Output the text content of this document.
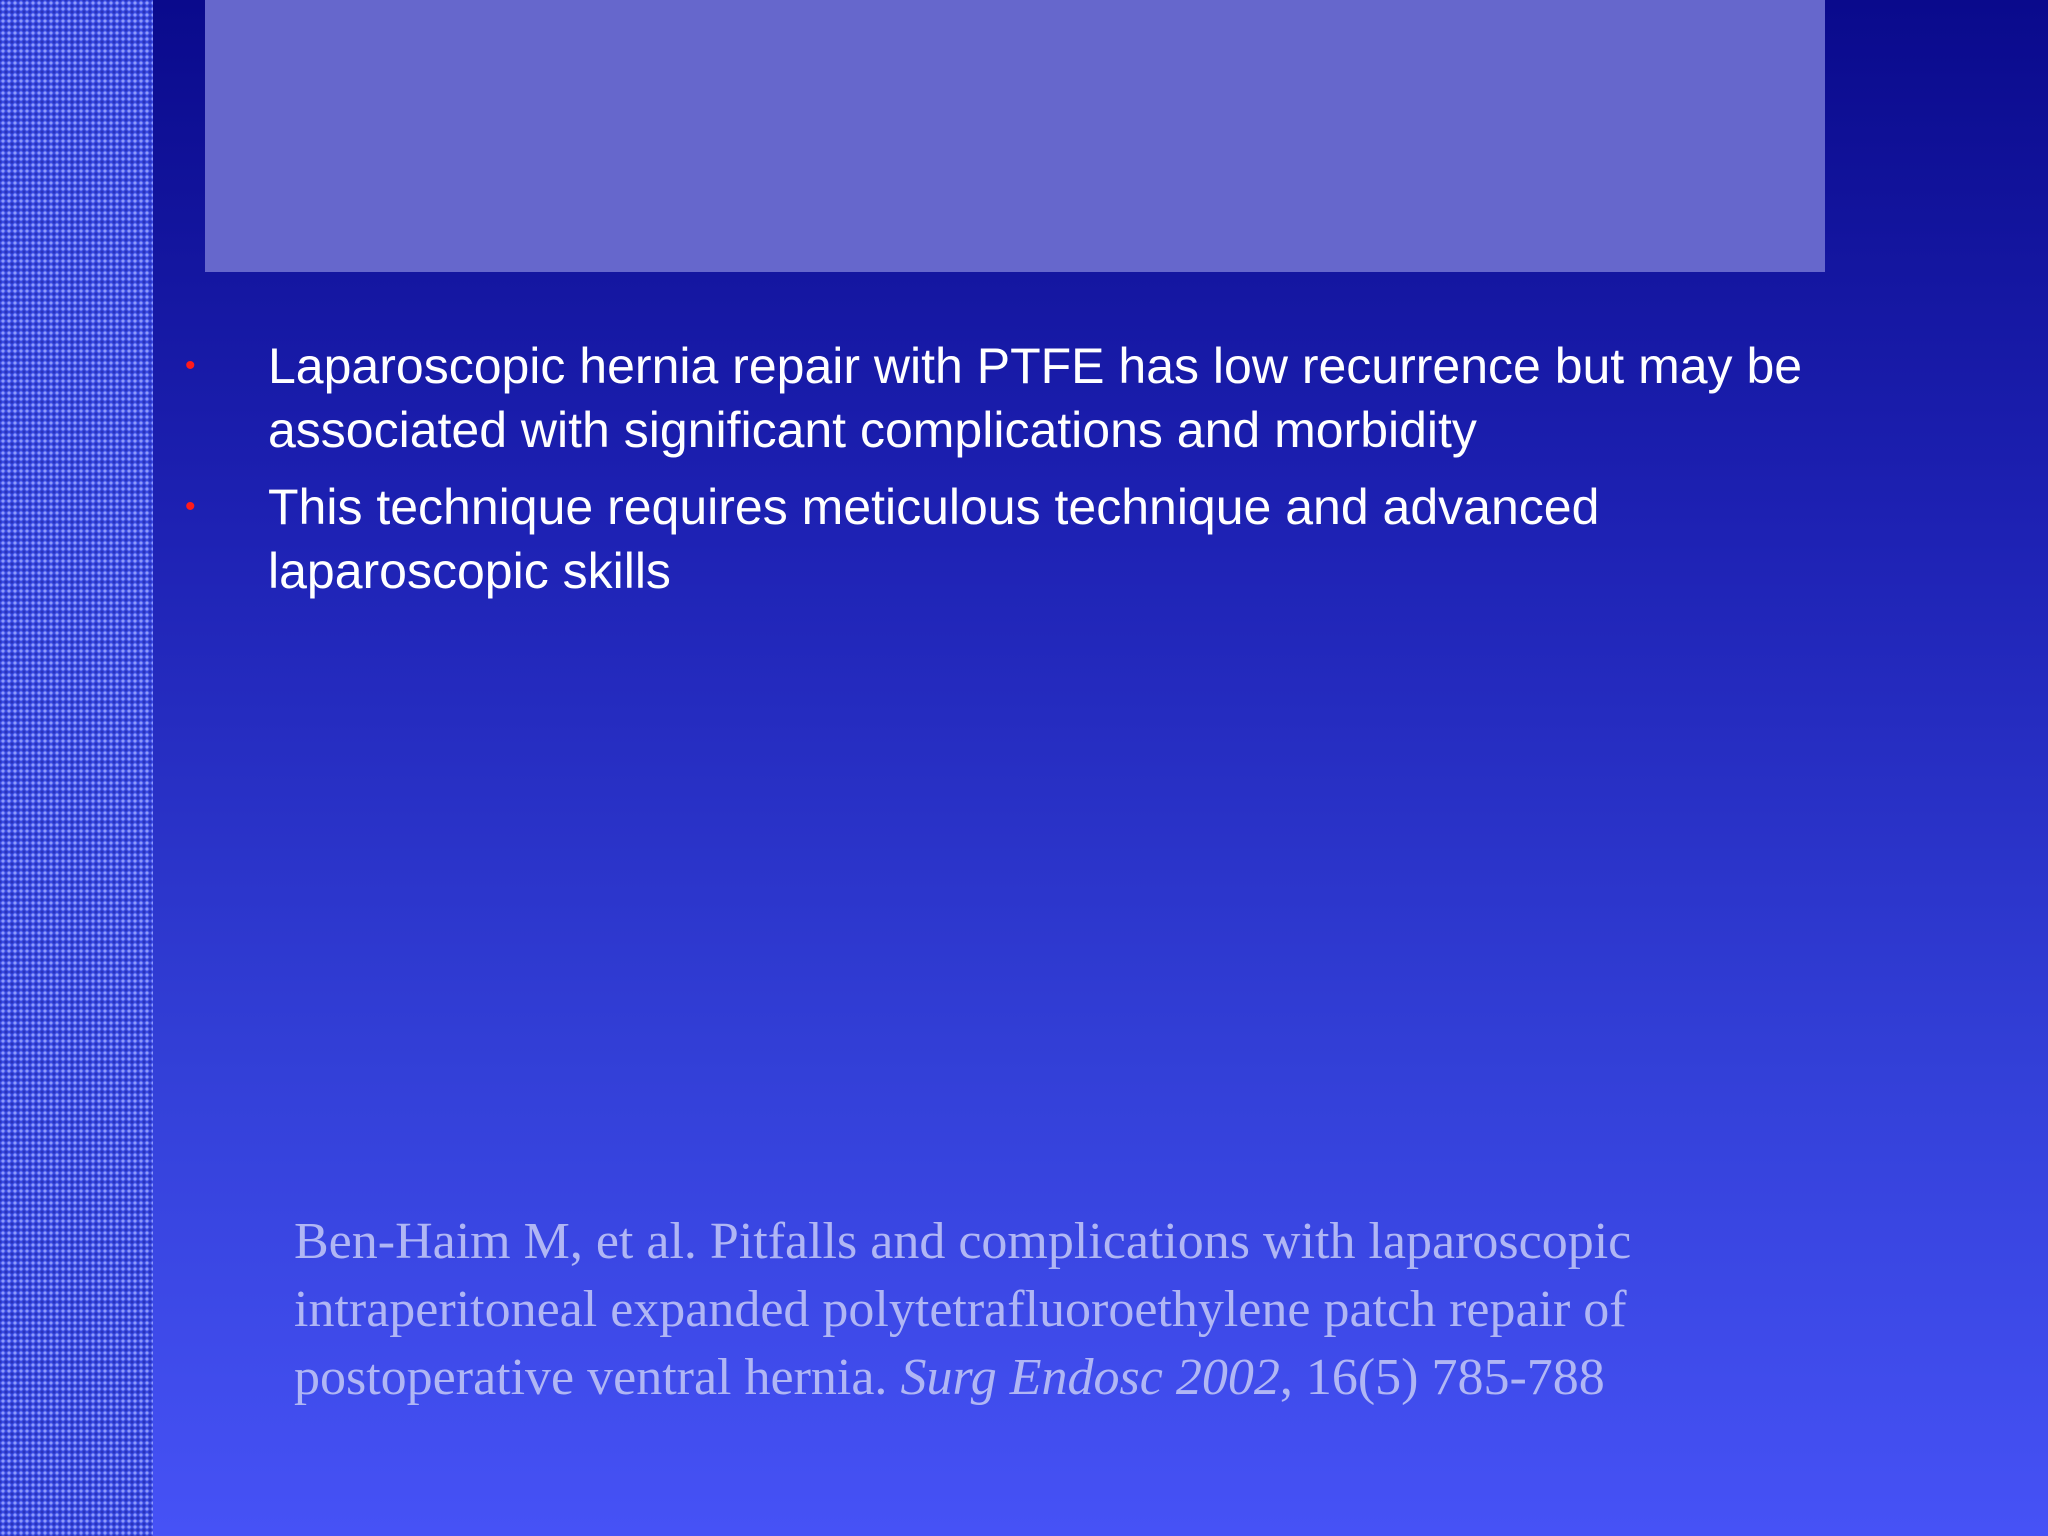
•	Laparoscopic hernia repair with PTFE has low recurrence but may be associated with significant complications and morbidity
•	This technique requires meticulous technique and advanced laparoscopic skills
Ben-Haim M, et al. Pitfalls and complications with laparoscopic intraperitoneal expanded polytetrafluoroethylene patch repair of postoperative ventral hernia. Surg Endosc 2002, 16(5) 785-788
